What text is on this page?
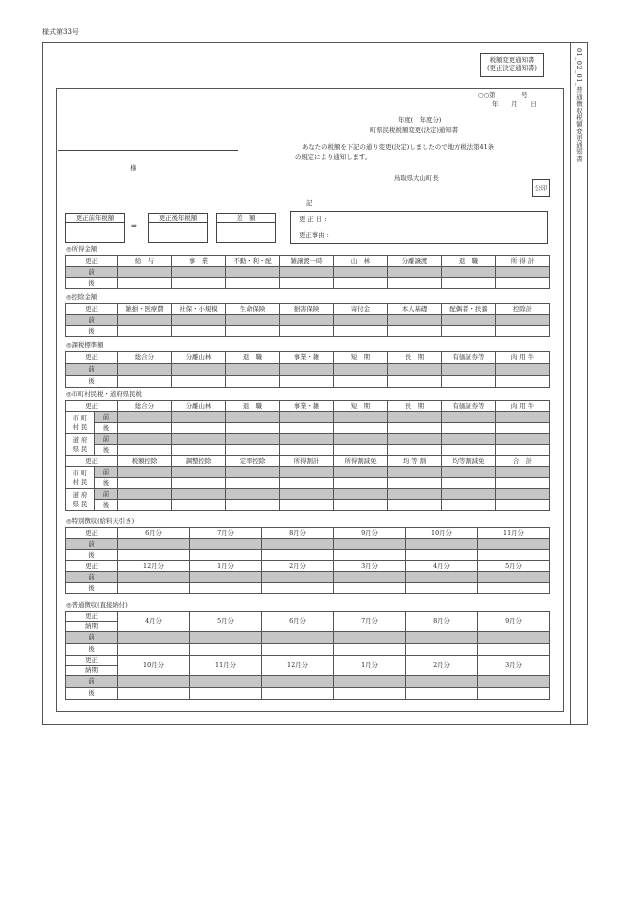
様式第33号
01_02_01_普通徴収税額変更通知書
税額変更通知書
(更正決定通知書)
○○第　　　　号
年　　月　　日
年度(　年度分)
町県民税税額変更(決定)通知書
あなたの税額を下記の通り変更(決定)しましたので地方税法第41条
の規定により通知します。
様
鳥取県大山町長
公印
記
更正前年税額
⇒
更正後年税額	差　額	更 正 日 :
更正事由 :
◎所得金額
更正	給　与	事　業	不動・利・配	雑譲渡一時	山　林	分離譲渡	退　職	所 得 計
前								
後								
◎控除金額
更正	雑損・医療費	社保・小規模	生命保険	損害保険	寄付金	本人基礎	配偶者・扶養	控除計
前								
後								
◎課税標準額
更正	総合分	分離山林	退　職	事業・雑	短　期	長　期	有価証券等	肉 用 牛
前								
後								
◎市町村民税・道府県民税
更正		総合分	分離山林	退　職	事業・雑	短　期	長　期	有価証券等	肉 用 牛
市 町 村 民	前								
	後								
道 府 県 民	前								
	後								
更正		税額控除	調整控除	定率控除	所得割計	所得割減免	均 等 割	均等割減免	合　計
市 町 村 民	前								
	後								
道 府 県 民	前								
	後								
◎特別徴収(給料天引き)
更正	6月分	7月分	8月分	9月分	10月分	11月分
前						
後						
更正	12月分	1月分	2月分	3月分	4月分	5月分
前						
後						
◎普通徴収(直接納付)
更正	4月分	5月分	6月分	7月分	8月分	9月分
納期						
前						
後						
更正	10月分	11月分	12月分	1月分	2月分	3月分
納期						
前						
後						
